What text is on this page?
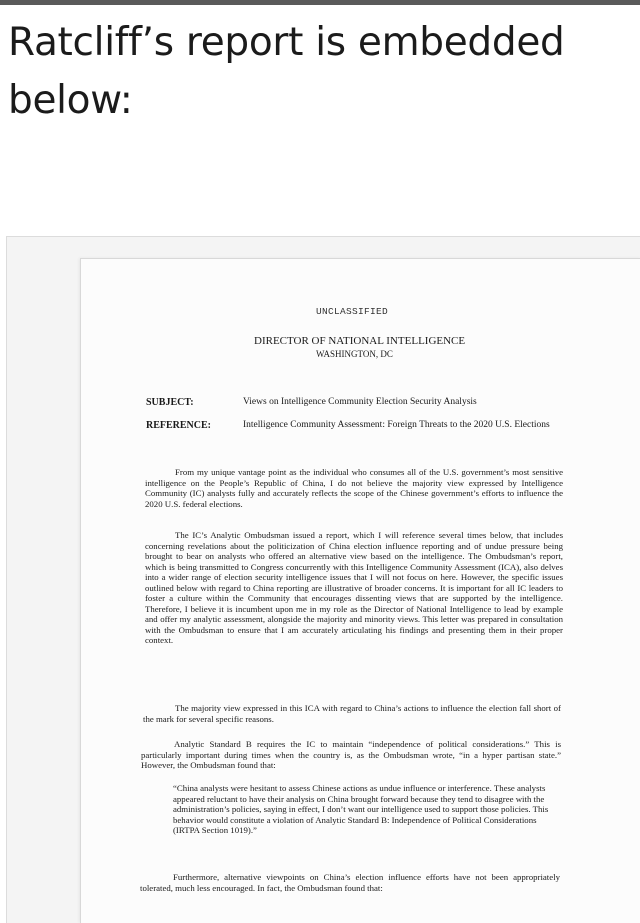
Ratcliff’s report is embedded below:
UNCLASSIFIED
DIRECTOR OF NATIONAL INTELLIGENCE
WASHINGTON, DC
SUBJECT:	Views on Intelligence Community Election Security Analysis
REFERENCE:	Intelligence Community Assessment: Foreign Threats to the 2020 U.S. Elections

From my unique vantage point as the individual who consumes all of the U.S. government’s most sensitive intelligence on the People’s Republic of China, I do not believe the majority view expressed by Intelligence Community (IC) analysts fully and accurately reflects the scope of the Chinese government’s efforts to influence the 2020 U.S. federal elections.

The IC’s Analytic Ombudsman issued a report, which I will reference several times below, that includes concerning revelations about the politicization of China election influence reporting and of undue pressure being brought to bear on analysts who offered an alternative view based on the intelligence. The Ombudsman’s report, which is being transmitted to Congress concurrently with this Intelligence Community Assessment (ICA), also delves into a wider range of election security intelligence issues that I will not focus on here. However, the specific issues outlined below with regard to China reporting are illustrative of broader concerns. It is important for all IC leaders to foster a culture within the Community that encourages dissenting views that are supported by the intelligence. Therefore, I believe it is incumbent upon me in my role as the Director of National Intelligence to lead by example and offer my analytic assessment, alongside the majority and minority views. This letter was prepared in consultation with the Ombudsman to ensure that I am accurately articulating his findings and presenting them in their proper context.

The majority view expressed in this ICA with regard to China’s actions to influence the election fall short of the mark for several specific reasons.

Analytic Standard B requires the IC to maintain “independence of political considerations.” This is particularly important during times when the country is, as the Ombudsman wrote, “in a hyper partisan state.” However, the Ombudsman found that:

“China analysts were hesitant to assess Chinese actions as undue influence or interference. These analysts appeared reluctant to have their analysis on China brought forward because they tend to disagree with the administration’s policies, saying in effect, I don’t want our intelligence used to support those policies. This behavior would constitute a violation of Analytic Standard B: Independence of Political Considerations (IRTPA Section 1019).”

Furthermore, alternative viewpoints on China’s election influence efforts have not been appropriately tolerated, much less encouraged. In fact, the Ombudsman found that:
